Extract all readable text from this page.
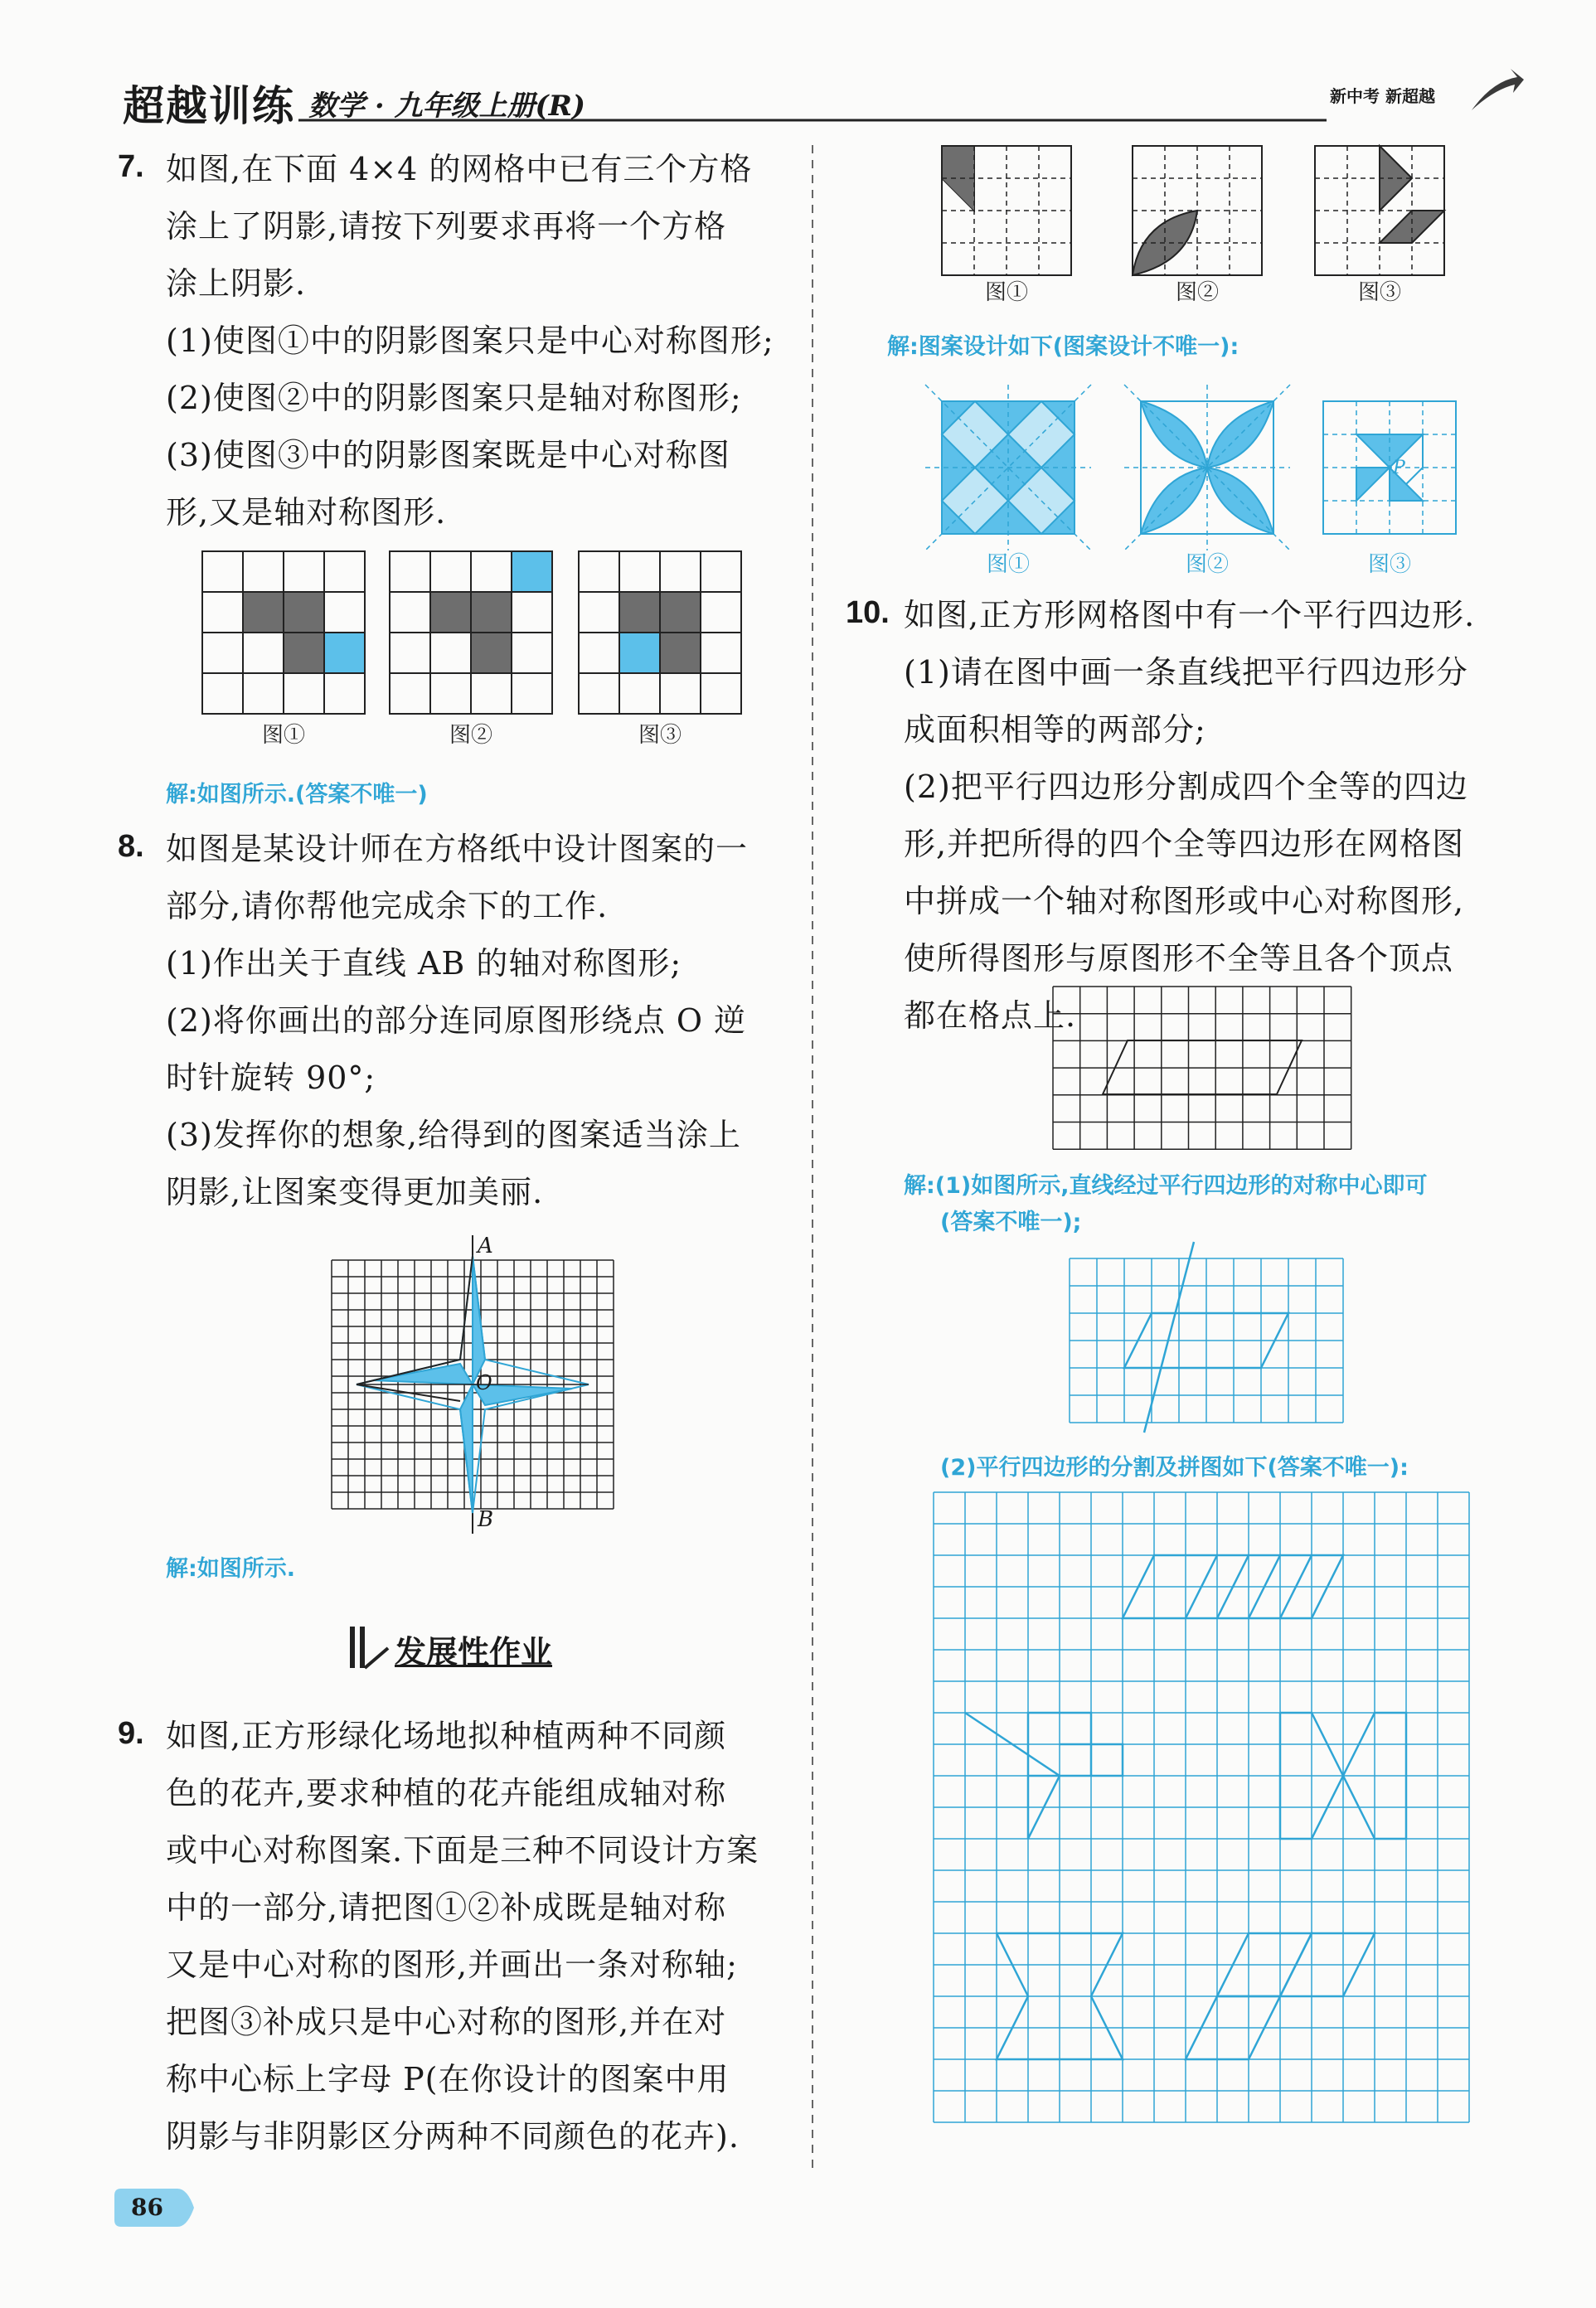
超越训练 数学 · 九年级上册(R)	新中考 新超越
7. 如图,在下面 4×4 的网格中已有三个方格
涂上了阴影,请按下列要求再将一个方格
涂上阴影.
(1)使图①中的阴影图案只是中心对称图形;
(2)使图②中的阴影图案只是轴对称图形;
(3)使图③中的阴影图案既是中心对称图
形,又是轴对称图形.
图①	图②	图③
解:如图所示.(答案不唯一)
8. 如图是某设计师在方格纸中设计图案的一
部分,请你帮他完成余下的工作.
(1)作出关于直线 AB 的轴对称图形;
(2)将你画出的部分连同原图形绕点 O 逆
时针旋转 90°;
(3)发挥你的想象,给得到的图案适当涂上
阴影,让图案变得更加美丽.
A
B
O
解:如图所示.
发展性作业
9. 如图,正方形绿化场地拟种植两种不同颜
色的花卉,要求种植的花卉能组成轴对称
或中心对称图案.下面是三种不同设计方案
中的一部分,请把图①②补成既是轴对称
又是中心对称的图形,并画出一条对称轴;
把图③补成只是中心对称的图形,并在对
称中心标上字母 P(在你设计的图案中用
阴影与非阴影区分两种不同颜色的花卉).
图①	图②	图③
解:图案设计如下(图案设计不唯一):
P
图①	图②	图③
10. 如图,正方形网格图中有一个平行四边形.
(1)请在图中画一条直线把平行四边形分
成面积相等的两部分;
(2)把平行四边形分割成四个全等的四边
形,并把所得的四个全等四边形在网格图
中拼成一个轴对称图形或中心对称图形,
使所得图形与原图形不全等且各个顶点
都在格点上.
解:(1)如图所示,直线经过平行四边形的对称中心即可
(答案不唯一);
(2)平行四边形的分割及拼图如下(答案不唯一):
86
